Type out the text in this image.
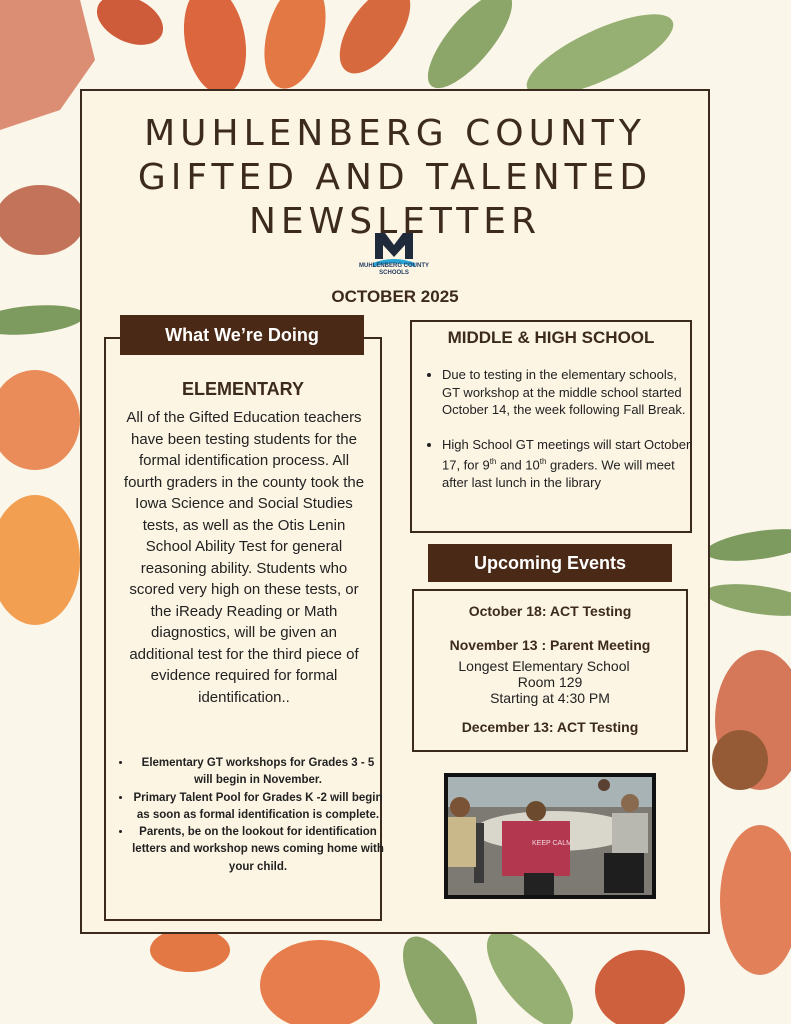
MUHLENBERG COUNTY
GIFTED AND TALENTED
NEWSLETTER
MUHLENBERG COUNTY SCHOOLS
OCTOBER 2025
ELEMENTARY
All of the Gifted Education teachers have been testing students for the formal identification process. All fourth graders in the county took the Iowa Science and Social Studies tests, as well as the Otis Lenin School Ability Test for general reasoning ability. Students who scored very high on these tests, or the iReady Reading or Math diagnostics, will be given an additional test for the third piece of evidence required for formal identification..
• Elementary GT workshops for Grades 3 - 5 will begin in November.
• Primary Talent Pool for Grades K -2 will begin as soon as formal identification is complete.
• Parents, be on the lookout for identification letters and workshop news coming home with your child.
What We’re Doing	MIDDLE & HIGH SCHOOL
• Due to testing in the elementary schools, GT workshop at the middle school started October 14, the week following Fall Break.
• High School GT meetings will start October 17, for 9th and 10th graders. We will meet after last lunch in the library
Upcoming Events
October 18: ACT Testing
November 13 : Parent Meeting
Longest Elementary School
Room 129
Starting at 4:30 PM
December 13: ACT Testing
KEEP CALM
